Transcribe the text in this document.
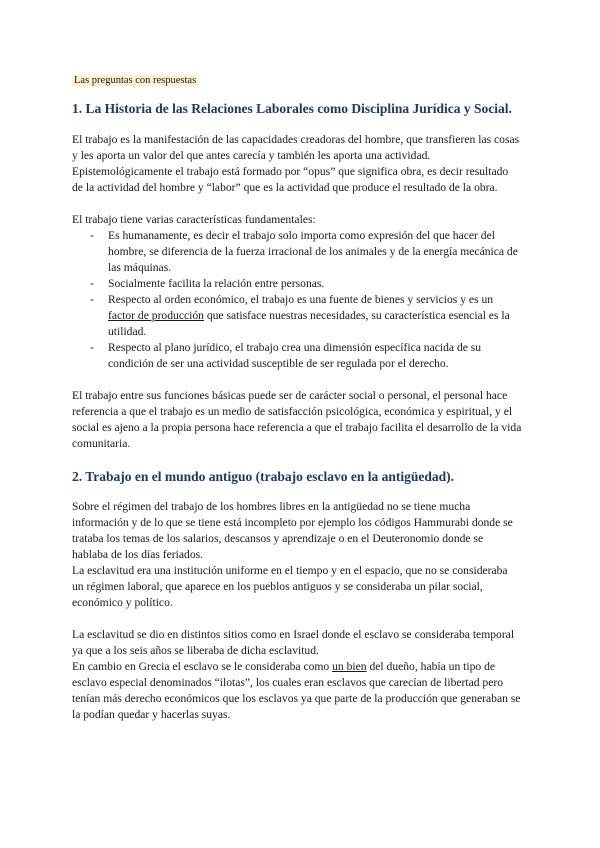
Las preguntas con respuestas
1. La Historia de las Relaciones Laborales como Disciplina Jurídica y Social.

El trabajo es la manifestación de las capacidades creadoras del hombre, que transfieren las cosas y les aporta un valor del que antes carecía y también les aporta una actividad. Epistemológicamente el trabajo está formado por “opus” que significa obra, es decir resultado de la actividad del hombre y “labor” que es la actividad que produce el resultado de la obra.

El trabajo tiene varias características fundamentales:

- Es humanamente, es decir el trabajo solo importa como expresión del que hacer del hombre, se diferencia de la fuerza irracional de los animales y de la energía mecánica de las máquinas.
- Socialmente facilita la relación entre personas.
- Respecto al orden económico, el trabajo es una fuente de bienes y servicios y es un factor de producción que satisface nuestras necesidades, su característica esencial es la utilidad.
- Respecto al plano jurídico, el trabajo crea una dimensión específica nacida de su condición de ser una actividad susceptible de ser regulada por el derecho.

El trabajo entre sus funciones básicas puede ser de carácter social o personal, el personal hace referencia a que el trabajo es un medio de satisfacción psicológica, económica y espiritual, y el social es ajeno a la propia persona hace referencia a que el trabajo facilita el desarrollo de la vida comunitaria.

2. Trabajo en el mundo antiguo (trabajo esclavo en la antigüedad).

Sobre el régimen del trabajo de los hombres libres en la antigüedad no se tiene mucha información y de lo que se tiene está incompleto por ejemplo los códigos Hammurabi donde se trataba los temas de los salarios, descansos y aprendizaje o en el Deuteronomio donde se hablaba de los días feriados.

La esclavitud era una institución uniforme en el tiempo y en el espacio, que no se consideraba un régimen laboral, que aparece en los pueblos antiguos y se consideraba un pilar social, económico y político.

La esclavitud se dio en distintos sitios como en Israel donde el esclavo se consideraba temporal ya que a los seis años se liberaba de dicha esclavitud.

En cambio en Grecia el esclavo se le consideraba como un bien del dueño, había un tipo de esclavo especial denominados “ilotas”, los cuales eran esclavos que carecían de libertad pero tenían más derecho económicos que los esclavos ya que parte de la producción que generaban se la podían quedar y hacerlas suyas.
